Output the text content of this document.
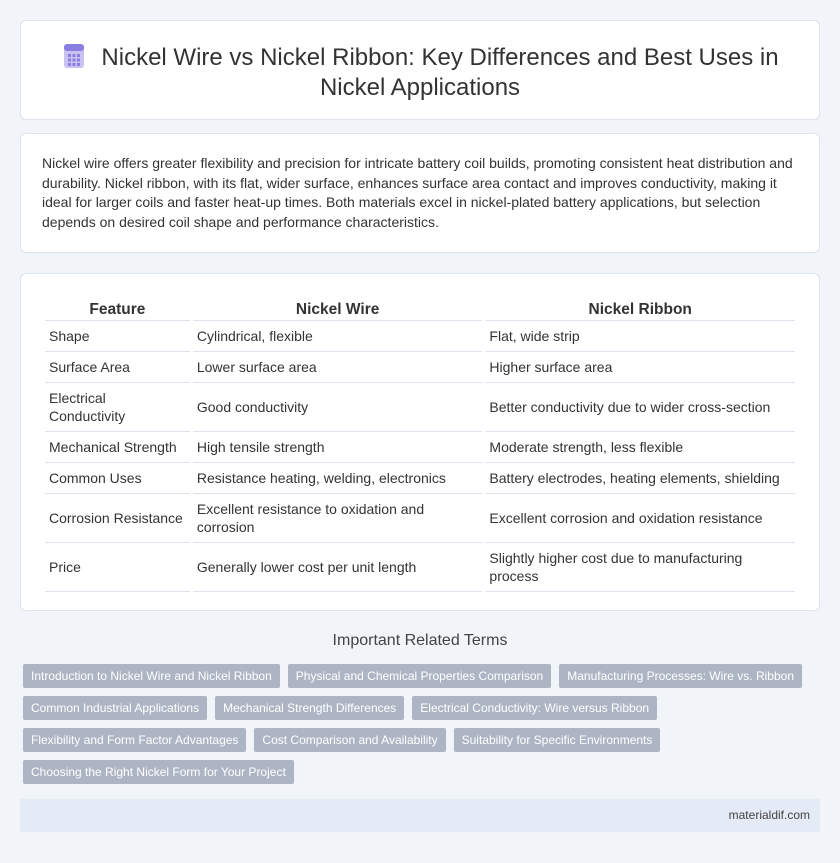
Nickel Wire vs Nickel Ribbon: Key Differences and Best Uses in Nickel Applications

Nickel wire offers greater flexibility and precision for intricate battery coil builds, promoting consistent heat distribution and durability. Nickel ribbon, with its flat, wider surface, enhances surface area contact and improves conductivity, making it ideal for larger coils and faster heat-up times. Both materials excel in nickel-plated battery applications, but selection depends on desired coil shape and performance characteristics.

Feature	Nickel Wire	Nickel Ribbon
Shape	Cylindrical, flexible	Flat, wide strip
Surface Area	Lower surface area	Higher surface area
Electrical Conductivity	Good conductivity	Better conductivity due to wider cross-section
Mechanical Strength	High tensile strength	Moderate strength, less flexible
Common Uses	Resistance heating, welding, electronics	Battery electrodes, heating elements, shielding
Corrosion Resistance	Excellent resistance to oxidation and corrosion	Excellent corrosion and oxidation resistance
Price	Generally lower cost per unit length	Slightly higher cost due to manufacturing process
Important Related Terms
Introduction to Nickel Wire and Nickel Ribbon	Physical and Chemical Properties Comparison	Manufacturing Processes: Wire vs. Ribbon
Common Industrial Applications	Mechanical Strength Differences	Electrical Conductivity: Wire versus Ribbon
Flexibility and Form Factor Advantages	Cost Comparison and Availability	Suitability for Specific Environments
Choosing the Right Nickel Form for Your Project
materialdif.com
